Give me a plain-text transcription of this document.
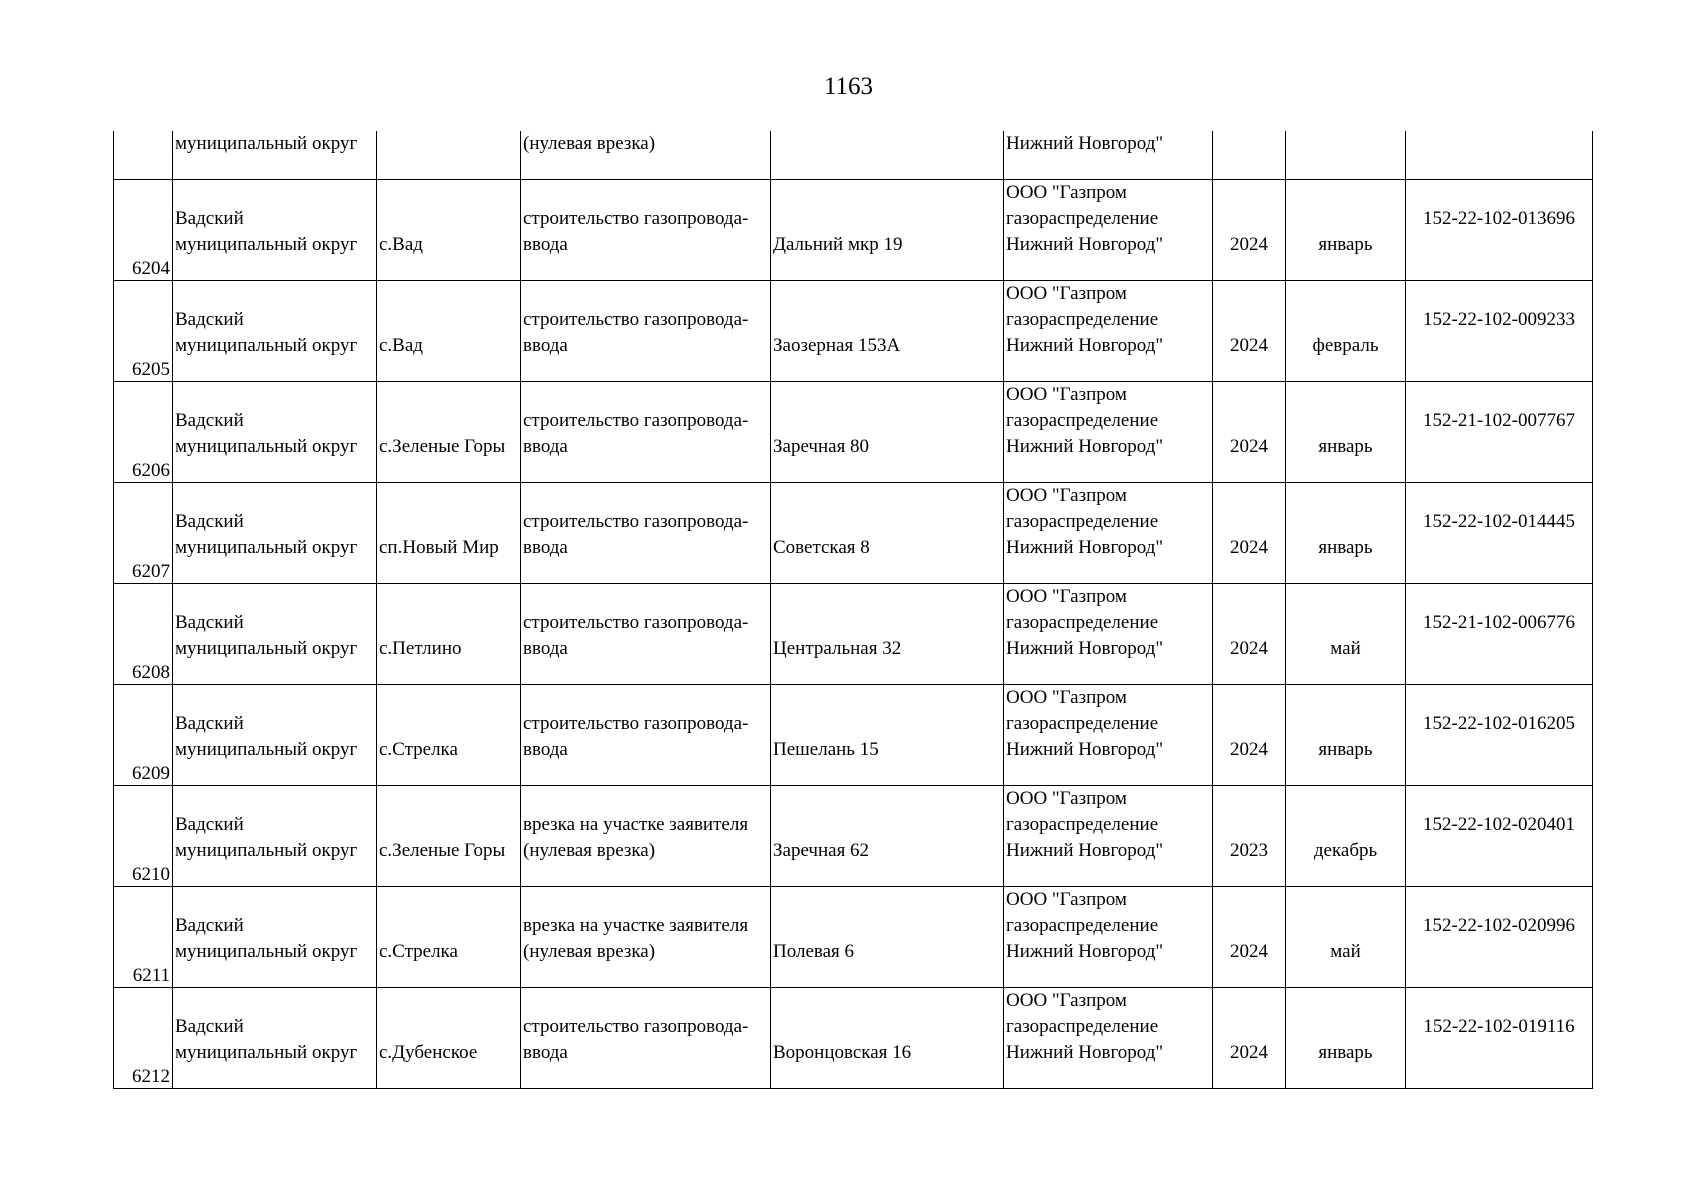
1163
	муниципальный округ		(нулевая врезка)		Нижний Новгород"			

6204	Вадский муниципальный округ	с.Вад	строительство газопровода-ввода	Дальний мкр 19	ООО "Газпром газораспределение Нижний Новгород"	2024	январь	152-22-102-013696

6205	Вадский муниципальный округ	с.Вад	строительство газопровода-ввода	Заозерная 153А	ООО "Газпром газораспределение Нижний Новгород"	2024	февраль	152-22-102-009233

6206	Вадский муниципальный округ	с.Зеленые Горы	строительство газопровода-ввода	Заречная 80	ООО "Газпром газораспределение Нижний Новгород"	2024	январь	152-21-102-007767

6207	Вадский муниципальный округ	сп.Новый Мир	строительство газопровода-ввода	Советская 8	ООО "Газпром газораспределение Нижний Новгород"	2024	январь	152-22-102-014445

6208	Вадский муниципальный округ	с.Петлино	строительство газопровода-ввода	Центральная 32	ООО "Газпром газораспределение Нижний Новгород"	2024	май	152-21-102-006776

6209	Вадский муниципальный округ	с.Стрелка	строительство газопровода-ввода	Пешелань 15	ООО "Газпром газораспределение Нижний Новгород"	2024	январь	152-22-102-016205

6210	Вадский муниципальный округ	с.Зеленые Горы	врезка на участке заявителя (нулевая врезка)	Заречная 62	ООО "Газпром газораспределение Нижний Новгород"	2023	декабрь	152-22-102-020401

6211	Вадский муниципальный округ	с.Стрелка	врезка на участке заявителя (нулевая врезка)	Полевая 6	ООО "Газпром газораспределение Нижний Новгород"	2024	май	152-22-102-020996

6212	Вадский муниципальный округ	с.Дубенское	строительство газопровода-ввода	Воронцовская 16	ООО "Газпром газораспределение Нижний Новгород"	2024	январь	152-22-102-019116
